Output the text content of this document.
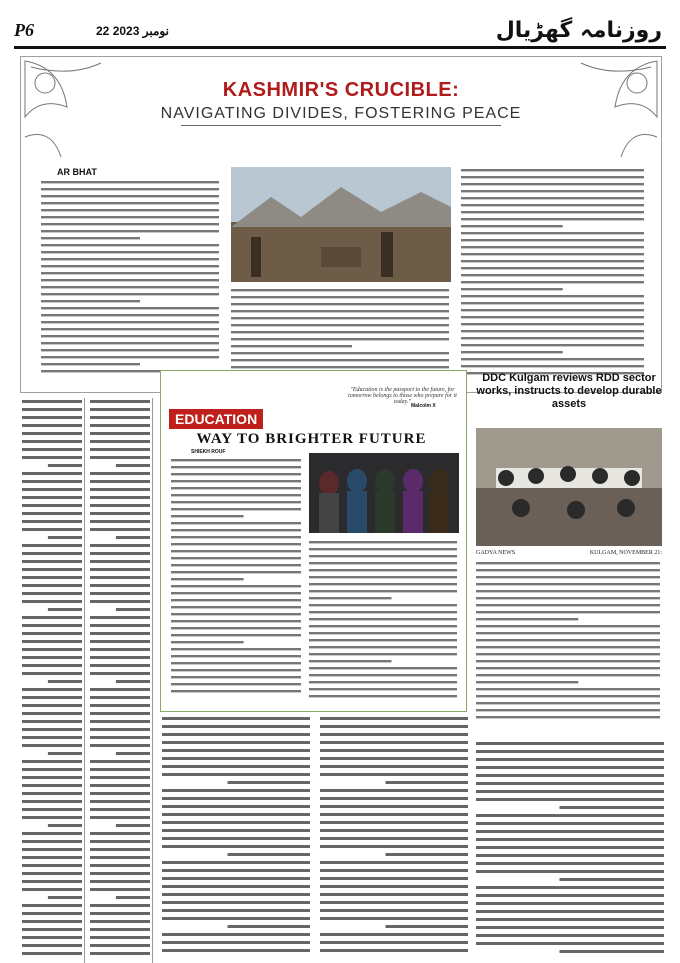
P6	22	نومبر 2023	روزنامہ گھڑیال
KASHMIR'S CRUCIBLE:
NAVIGATING DIVIDES, FOSTERING PEACE
AR BHAT
"Education is the passport to the future, for tomorrow belongs to those who prepare for it today."
Malcolm X
EDUCATION
WAY TO BRIGHTER FUTURE
SHIEKH ROUF
DDC Kulgam reviews RDD sector works, instructs to develop durable assets
GADYA NEWS	KULGAM, NOVEMBER 21:
